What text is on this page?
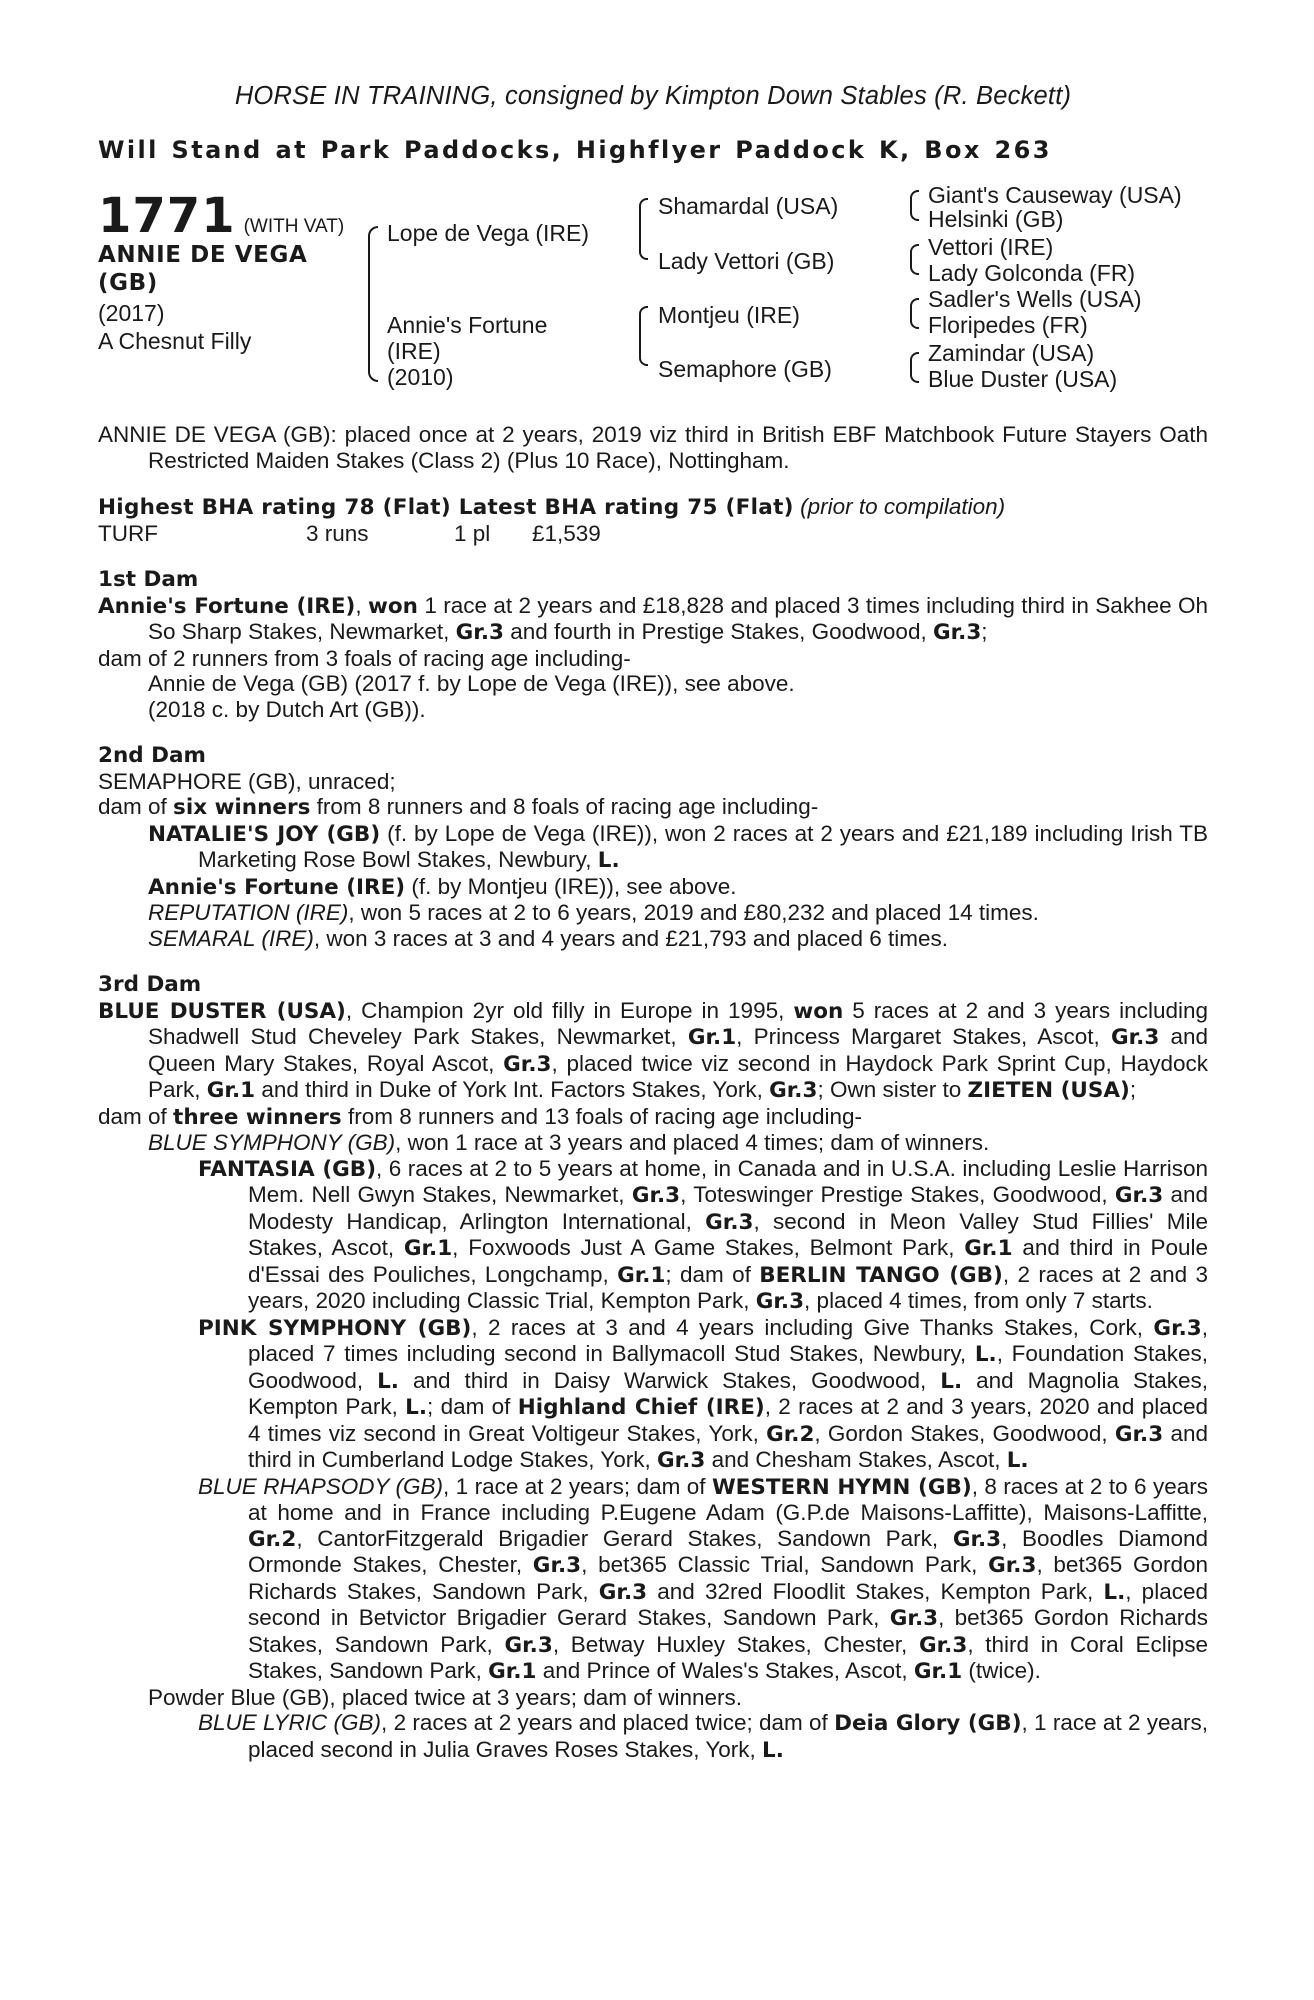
HORSE IN TRAINING, consigned by Kimpton Down Stables (R. Beckett)

Will Stand at Park Paddocks, Highflyer Paddock K, Box 263

1771 (WITH VAT)
ANNIE DE VEGA
(GB)
(2017)
A Chesnut Filly
Lope de Vega (IRE)
Annie's Fortune
(IRE)
(2010)
Shamardal (USA)
Lady Vettori (GB)
Montjeu (IRE)
Semaphore (GB)
Giant's Causeway (USA)
Helsinki (GB)
Vettori (IRE)
Lady Golconda (FR)
Sadler's Wells (USA)
Floripedes (FR)
Zamindar (USA)
Blue Duster (USA)

ANNIE DE VEGA (GB): placed once at 2 years, 2019 viz third in British EBF Matchbook Future Stayers Oath Restricted Maiden Stakes (Class 2) (Plus 10 Race), Nottingham.

Highest BHA rating 78 (Flat) Latest BHA rating 75 (Flat) (prior to compilation)

TURF	3 runs	1 pl £1,539

1st Dam

Annie's Fortune (IRE), won 1 race at 2 years and £18,828 and placed 3 times including third in Sakhee Oh So Sharp Stakes, Newmarket, Gr.3 and fourth in Prestige Stakes, Goodwood, Gr.3;

dam of 2 runners from 3 foals of racing age including-

Annie de Vega (GB) (2017 f. by Lope de Vega (IRE)), see above.

(2018 c. by Dutch Art (GB)).

2nd Dam

SEMAPHORE (GB), unraced;

dam of six winners from 8 runners and 8 foals of racing age including-

NATALIE'S JOY (GB) (f. by Lope de Vega (IRE)), won 2 races at 2 years and £21,189 including Irish TB Marketing Rose Bowl Stakes, Newbury, L.

Annie's Fortune (IRE) (f. by Montjeu (IRE)), see above.

REPUTATION (IRE), won 5 races at 2 to 6 years, 2019 and £80,232 and placed 14 times.

SEMARAL (IRE), won 3 races at 3 and 4 years and £21,793 and placed 6 times.

3rd Dam

BLUE DUSTER (USA), Champion 2yr old filly in Europe in 1995, won 5 races at 2 and 3 years including Shadwell Stud Cheveley Park Stakes, Newmarket, Gr.1, Princess Margaret Stakes, Ascot, Gr.3 and Queen Mary Stakes, Royal Ascot, Gr.3, placed twice viz second in Haydock Park Sprint Cup, Haydock Park, Gr.1 and third in Duke of York Int. Factors Stakes, York, Gr.3; Own sister to ZIETEN (USA);

dam of three winners from 8 runners and 13 foals of racing age including-

BLUE SYMPHONY (GB), won 1 race at 3 years and placed 4 times; dam of winners.

FANTASIA (GB), 6 races at 2 to 5 years at home, in Canada and in U.S.A. including Leslie Harrison Mem. Nell Gwyn Stakes, Newmarket, Gr.3, Toteswinger Prestige Stakes, Goodwood, Gr.3 and Modesty Handicap, Arlington International, Gr.3, second in Meon Valley Stud Fillies' Mile Stakes, Ascot, Gr.1, Foxwoods Just A Game Stakes, Belmont Park, Gr.1 and third in Poule d'Essai des Pouliches, Longchamp, Gr.1; dam of BERLIN TANGO (GB), 2 races at 2 and 3 years, 2020 including Classic Trial, Kempton Park, Gr.3, placed 4 times, from only 7 starts.

PINK SYMPHONY (GB), 2 races at 3 and 4 years including Give Thanks Stakes, Cork, Gr.3, placed 7 times including second in Ballymacoll Stud Stakes, Newbury, L., Foundation Stakes, Goodwood, L. and third in Daisy Warwick Stakes, Goodwood, L. and Magnolia Stakes, Kempton Park, L.; dam of Highland Chief (IRE), 2 races at 2 and 3 years, 2020 and placed 4 times viz second in Great Voltigeur Stakes, York, Gr.2, Gordon Stakes, Goodwood, Gr.3 and third in Cumberland Lodge Stakes, York, Gr.3 and Chesham Stakes, Ascot, L.

BLUE RHAPSODY (GB), 1 race at 2 years; dam of WESTERN HYMN (GB), 8 races at 2 to 6 years at home and in France including P.Eugene Adam (G.P.de Maisons-Laffitte), Maisons-Laffitte, Gr.2, CantorFitzgerald Brigadier Gerard Stakes, Sandown Park, Gr.3, Boodles Diamond Ormonde Stakes, Chester, Gr.3, bet365 Classic Trial, Sandown Park, Gr.3, bet365 Gordon Richards Stakes, Sandown Park, Gr.3 and 32red Floodlit Stakes, Kempton Park, L., placed second in Betvictor Brigadier Gerard Stakes, Sandown Park, Gr.3, bet365 Gordon Richards Stakes, Sandown Park, Gr.3, Betway Huxley Stakes, Chester, Gr.3, third in Coral Eclipse Stakes, Sandown Park, Gr.1 and Prince of Wales's Stakes, Ascot, Gr.1 (twice).

Powder Blue (GB), placed twice at 3 years; dam of winners.

BLUE LYRIC (GB), 2 races at 2 years and placed twice; dam of Deia Glory (GB), 1 race at 2 years, placed second in Julia Graves Roses Stakes, York, L.
